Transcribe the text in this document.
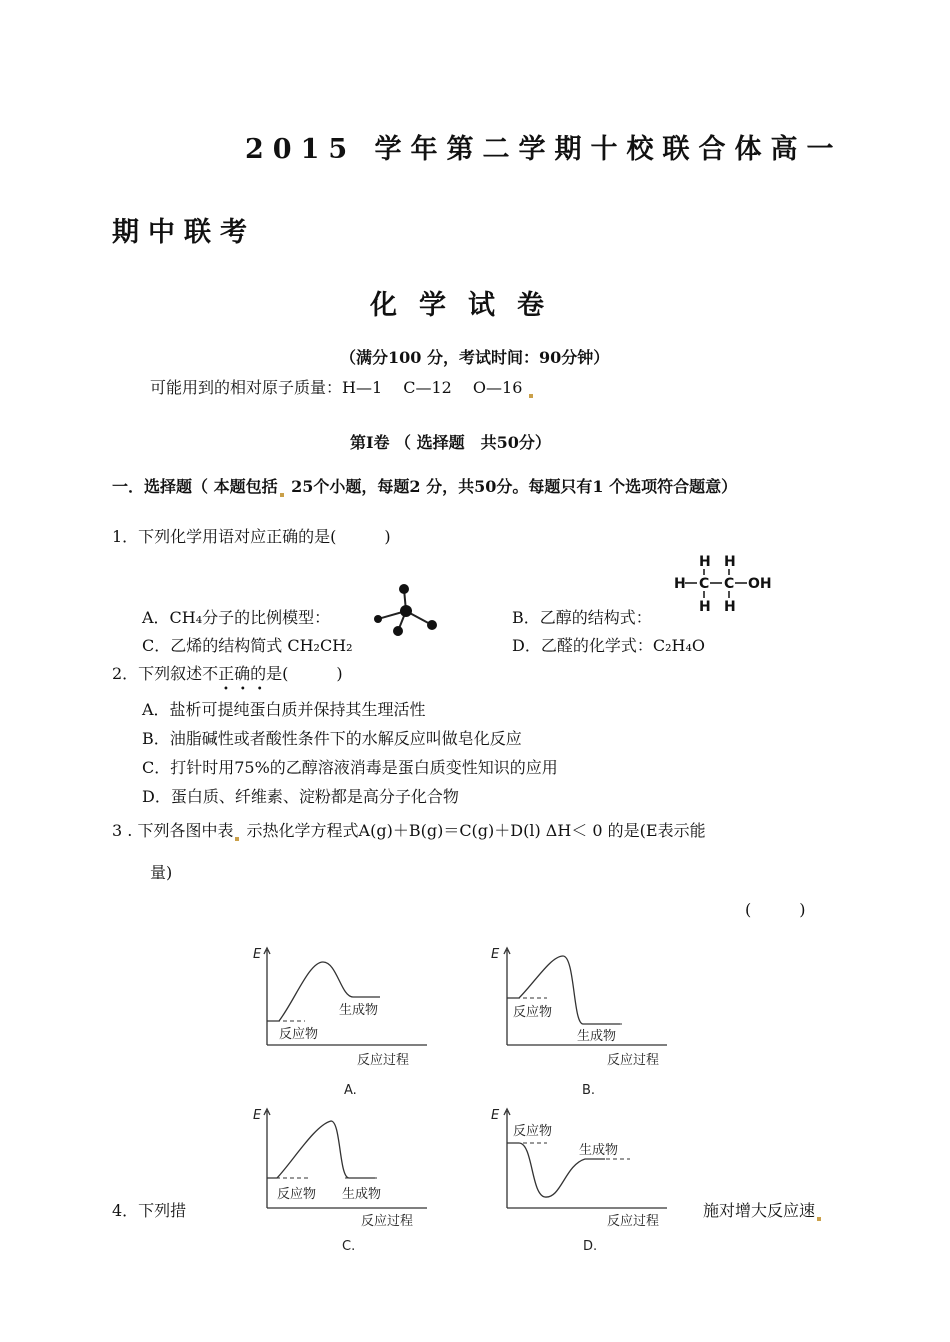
2015 学年第二学期十校联合体高一
期中联考
化学试卷
（满分100 分，考试时间：90分钟）
可能用到的相对原子质量：H—1　 C—12　 O—16
第Ⅰ卷 （ 选择题　共50分）
一．选择题（ 本题包括 25个小题，每题2 分，共50分。每题只有1 个选项符合题意）
1．下列化学用语对应正确的是(　　　)
H H
H C C OH
H H
A．CH₄分子的比例模型：	B．乙醇的结构式：
C．乙烯的结构简式 CH₂CH₂	D．乙醛的化学式：C₂H₄O
2．下列叙述不正确的是(　　　)
•••
A．盐析可提纯蛋白质并保持其生理活性
B．油脂碱性或者酸性条件下的水解反应叫做皂化反应
C．打针时用75%的乙醇溶液消毒是蛋白质变性知识的应用
D．蛋白质、纤维素、淀粉都是高分子化合物
3 . 下列各图中表 示热化学方程式A(g)＋B(g)＝C(g)＋D(l) ΔH＜ 0 的是(E表示能
量)
(　　　)
E
生成物
反应物
反应过程
A.
E
反应物
生成物
反应过程
B.
E
反应物 生成物
反应过程
C.
E
反应物
生成物
反应过程
D.
4．下列措	施对增大反应速
